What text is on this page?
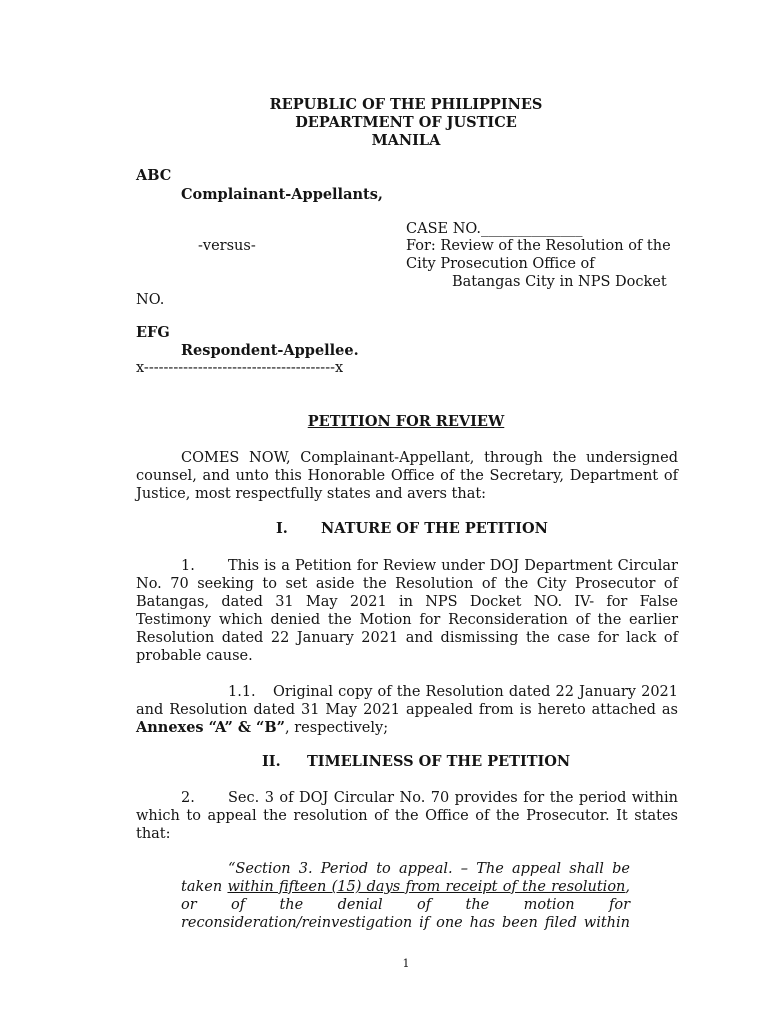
REPUBLIC OF THE PHILIPPINES
DEPARTMENT OF JUSTICE
MANILA
ABC
Complainant-Appellants,
CASE NO.______________
-versus-	For: Review of the Resolution of the
City Prosecution Office of
Batangas City in NPS Docket
NO.
EFG
Respondent-Appellee.
x---------------------------------------x
PETITION FOR REVIEW
COMES NOW, Complainant-Appellant, through the undersigned
counsel, and unto this Honorable Office of the Secretary, Department of
Justice, most respectfully states and avers that:
I. NATURE OF THE PETITION
1. This is a Petition for Review under DOJ Department Circular
No. 70 seeking to set aside the Resolution of the City Prosecutor of
Batangas, dated 31 May 2021 in NPS Docket NO. IV- for False
Testimony which denied the Motion for Reconsideration of the earlier
Resolution dated 22 January 2021 and dismissing the case for lack of
probable cause.
1.1. Original copy of the Resolution dated 22 January 2021
and Resolution dated 31 May 2021 appealed from is hereto attached as
Annexes “A” & “B”, respectively;
II. TIMELINESS OF THE PETITION
2. Sec. 3 of DOJ Circular No. 70 provides for the period within
which to appeal the resolution of the Office of the Prosecutor. It states
that:
“Section 3. Period to appeal. – The appeal shall be
taken within fifteen (15) days from receipt of the resolution,
or     of     the     denial     of     the     motion     for
reconsideration/reinvestigation if one has been filed within
1
